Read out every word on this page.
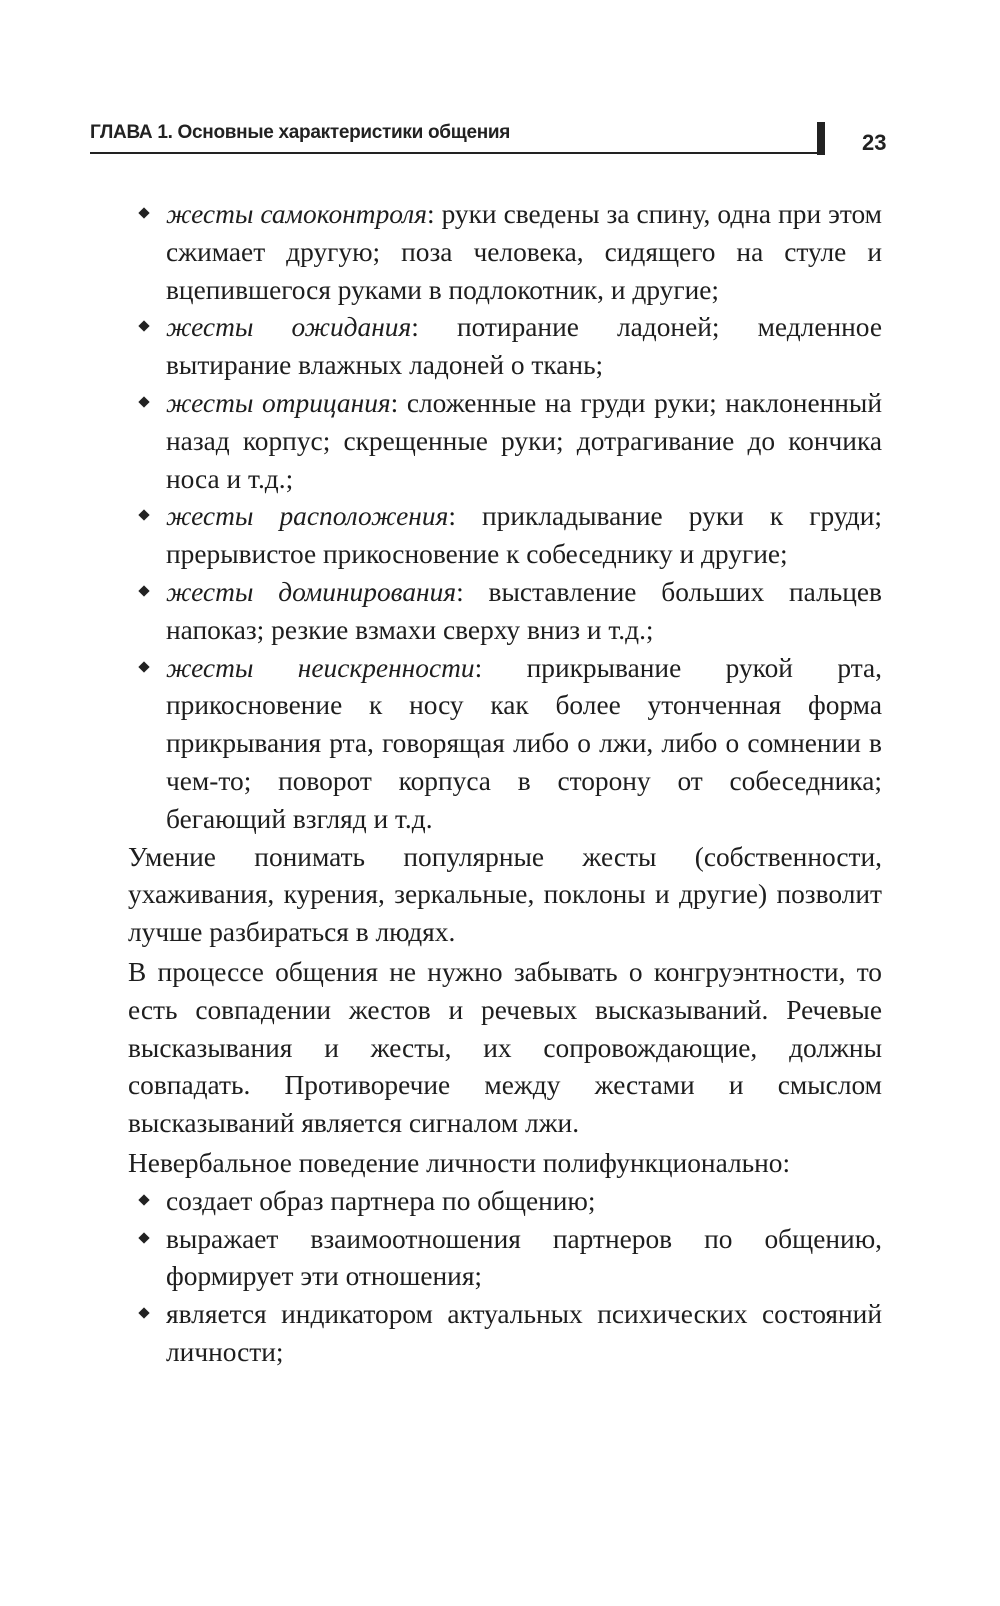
ГЛАВА 1. Основные характеристики общения	23
жесты самоконтроля: руки сведены за спину, одна при этом сжимает другую; поза человека, сидящего на стуле и вцепившегося руками в подлокотник, и другие;
жесты ожидания: потирание ладоней; медленное вытирание влажных ладоней о ткань;
жесты отрицания: сложенные на груди руки; наклоненный назад корпус; скрещенные руки; дотрагивание до кончика носа и т.д.;
жесты расположения: прикладывание руки к груди; прерывистое прикосновение к собеседнику и другие;
жесты доминирования: выставление больших пальцев напоказ; резкие взмахи сверху вниз и т.д.;
жесты неискренности: прикрывание рукой рта, прикосновение к носу как более утонченная форма прикрывания рта, говорящая либо о лжи, либо о сомнении в чем-то; поворот корпуса в сторону от собеседника; бегающий взгляд и т.д.

Умение понимать популярные жесты (собственности, ухаживания, курения, зеркальные, поклоны и другие) позволит лучше разбираться в людях.

В процессе общения не нужно забывать о конгруэнтности, то есть совпадении жестов и речевых высказываний. Речевые высказывания и жесты, их сопровождающие, должны совпадать. Противоречие между жестами и смыслом высказываний является сигналом лжи.

Невербальное поведение личности полифункционально:

создает образ партнера по общению;
выражает взаимоотношения партнеров по общению, формирует эти отношения;
является индикатором актуальных психических состояний личности;
